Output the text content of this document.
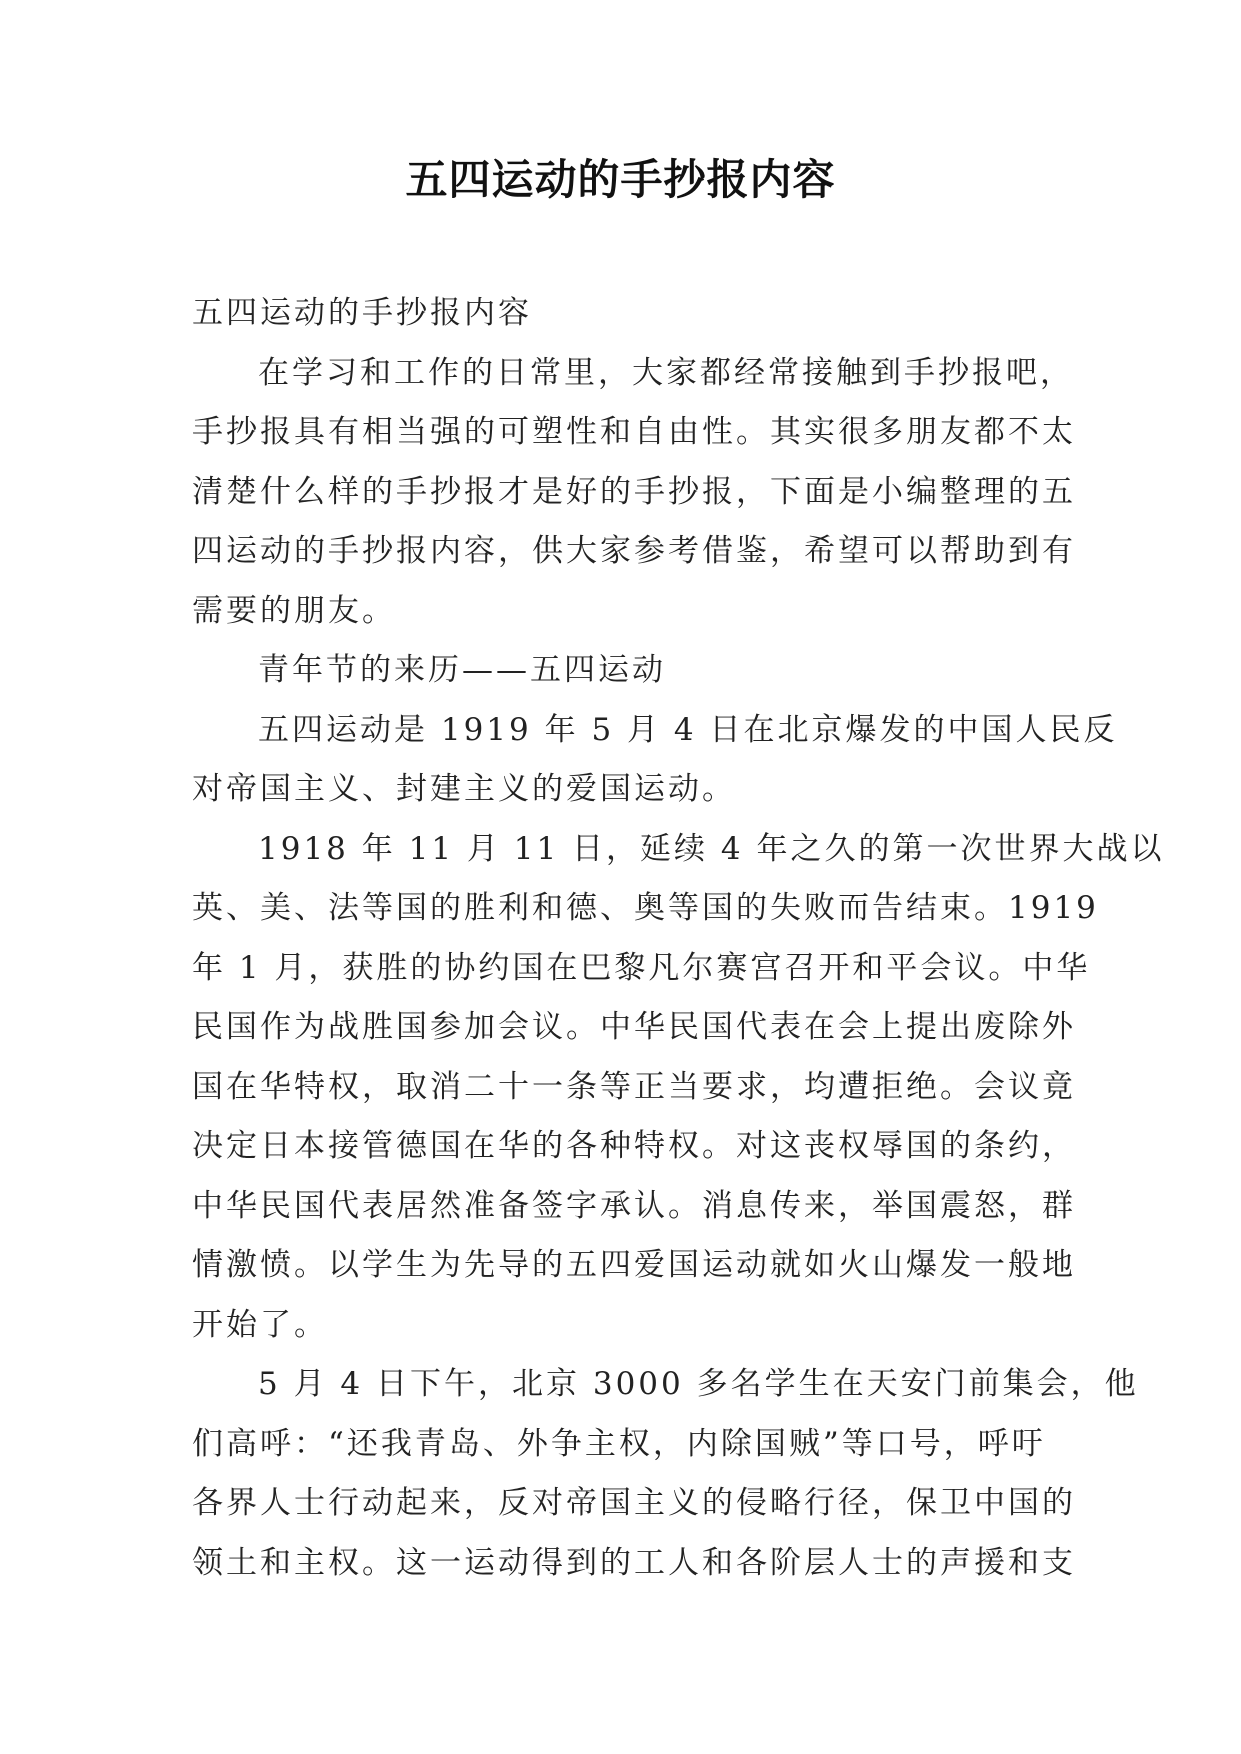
五四运动的手抄报内容
五四运动的手抄报内容
在学习和工作的日常里，大家都经常接触到手抄报吧，
手抄报具有相当强的可塑性和自由性。其实很多朋友都不太
清楚什么样的手抄报才是好的手抄报，下面是小编整理的五
四运动的手抄报内容，供大家参考借鉴，希望可以帮助到有
需要的朋友。
青年节的来历——五四运动
五四运动是 1919 年 5 月 4 日在北京爆发的中国人民反
对帝国主义、封建主义的爱国运动。
1918 年 11 月 11 日，延续 4 年之久的第一次世界大战以
英、美、法等国的胜利和德、奥等国的失败而告结束。1919
年 1 月，获胜的协约国在巴黎凡尔赛宫召开和平会议。中华
民国作为战胜国参加会议。中华民国代表在会上提出废除外
国在华特权，取消二十一条等正当要求，均遭拒绝。会议竟
决定日本接管德国在华的各种特权。对这丧权辱国的条约，
中华民国代表居然准备签字承认。消息传来，举国震怒，群
情激愤。以学生为先导的五四爱国运动就如火山爆发一般地
开始了。
5 月 4 日下午，北京 3000 多名学生在天安门前集会，他
们高呼：“还我青岛、外争主权，内除国贼”等口号，呼吁
各界人士行动起来，反对帝国主义的侵略行径，保卫中国的
领土和主权。这一运动得到的工人和各阶层人士的声援和支
